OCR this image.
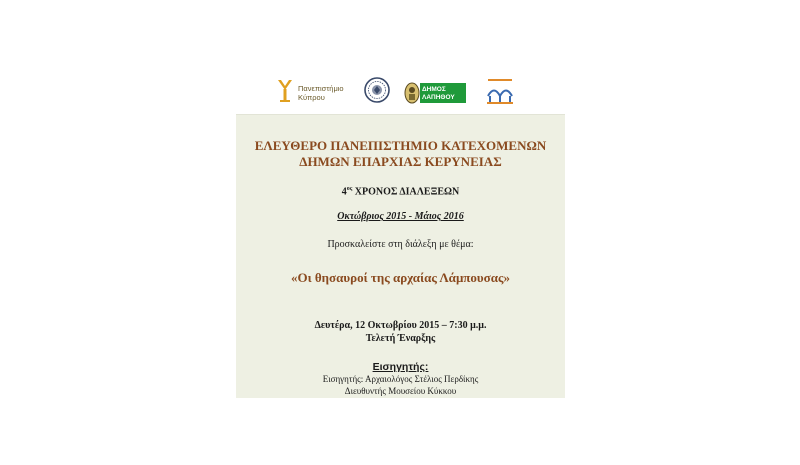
Πανεπιστήμιο
Κύπρου
ΔΗΜΟΣ
ΛΑΠΗΘΟΥ
ΕΛΕΥΘΕΡΟ ΠΑΝΕΠΙΣΤΗΜΙΟ ΚΑΤΕΧΟΜΕΝΩΝ
ΔΗΜΩΝ ΕΠΑΡΧΙΑΣ ΚΕΡΥΝΕΙΑΣ
$4^{o\varsigma}$ ΧΡΟΝΟΣ ΔΙΑΛΕΞΕΩΝ
Οκτώβριος 2015 - Μάιος 2016
Προσκαλείστε στη διάλεξη με θέμα:
«Οι θησαυροί της αρχαίας Λάμπουσας»
Δευτέρα, 12 Οκτωβρίου 2015 – 7:30 μ.μ.
Τελετή Έναρξης
Εισηγητής:
Εισηγητής: Αρχαιολόγος Στέλιος Περδίκης
Διευθυντής Μουσείου Κύκκου
